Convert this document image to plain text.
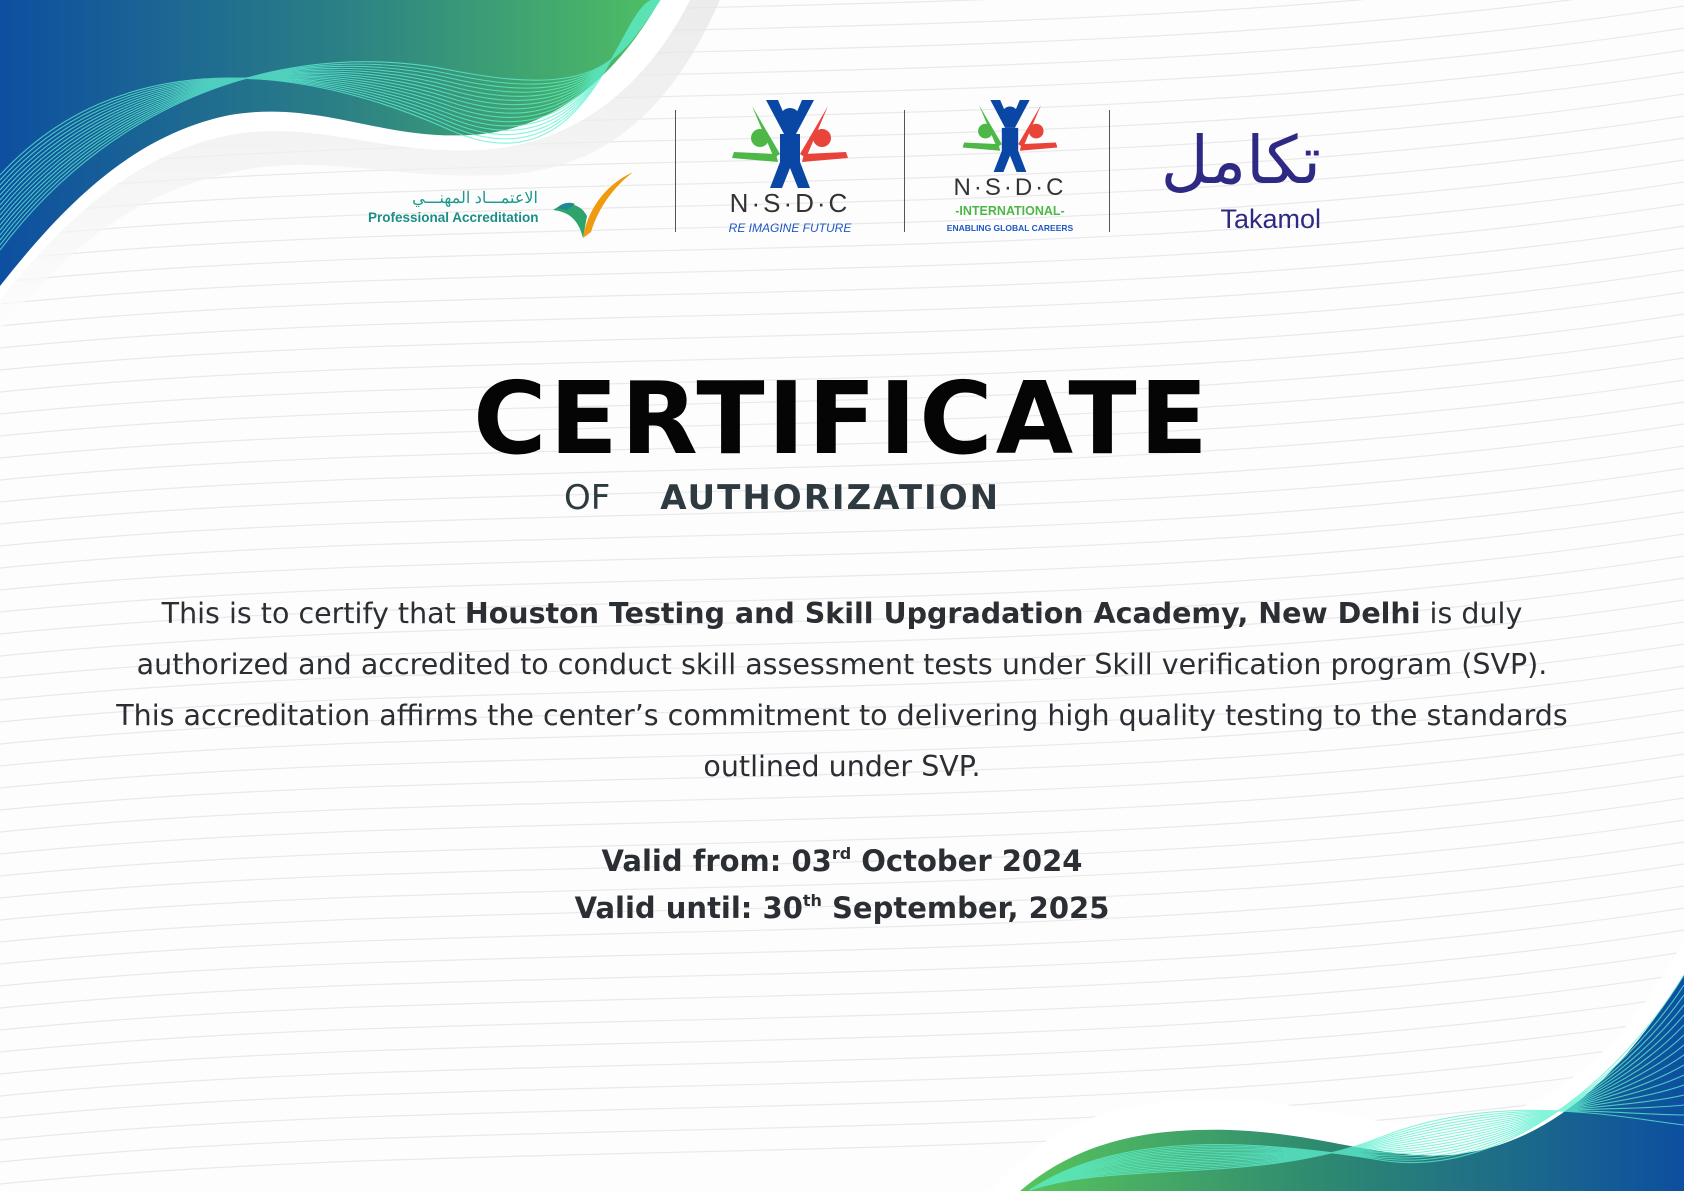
الاعتمـــاد المهنـــي
Professional Accreditation	N·S·D·C
RE IMAGINE FUTURE
N·S·D·C
-INTERNATIONAL-
ENABLING GLOBAL CAREERS
تكامل
Takamol
CERTIFICATE
OF AUTHORIZATION
This is to certify that Houston Testing and Skill Upgradation Academy, New Delhi is duly authorized and accredited to conduct skill assessment tests under Skill verification program (SVP). This accreditation affirms the center’s commitment to delivering high quality testing to the standards outlined under SVP.
Valid from: 03rd October 2024
Valid until: 30th September, 2025
